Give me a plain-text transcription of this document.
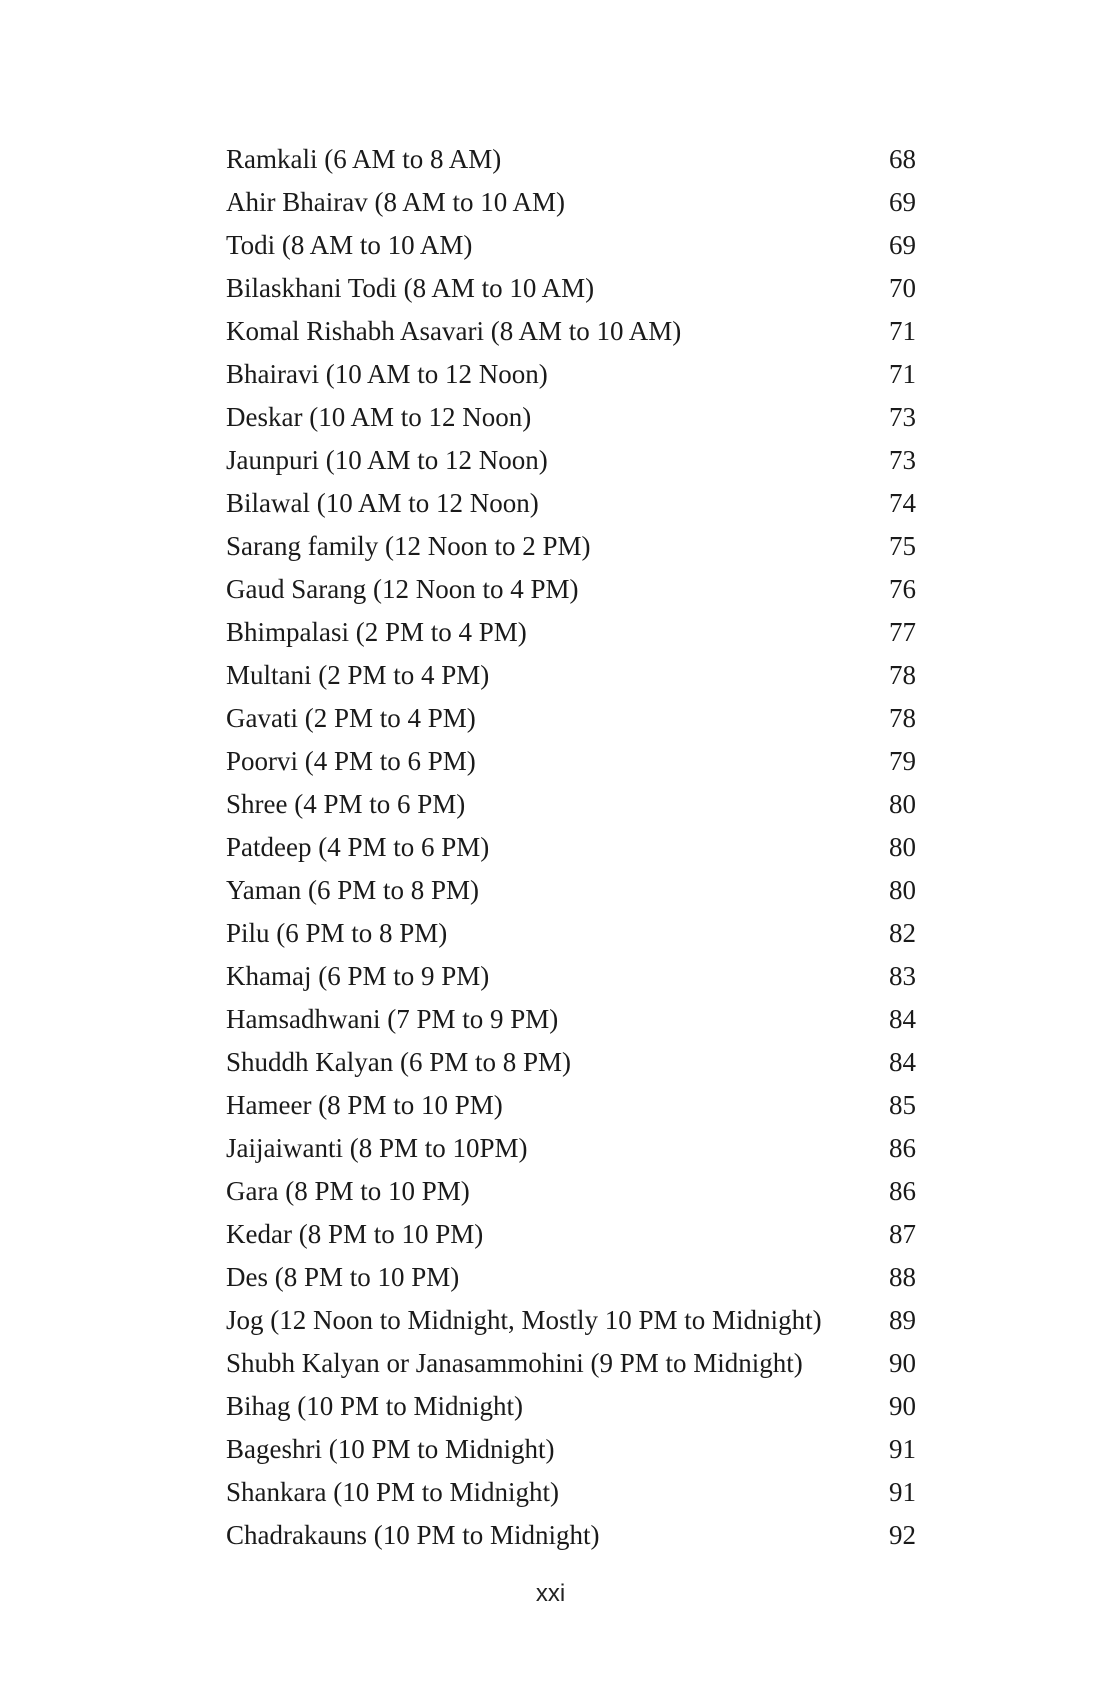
Ramkali (6 AM to 8 AM)	68
Ahir Bhairav (8 AM to 10 AM)	69
Todi (8 AM to 10 AM)	69
Bilaskhani Todi (8 AM to 10 AM)	70
Komal Rishabh Asavari (8 AM to 10 AM)	71
Bhairavi (10 AM to 12 Noon)	71
Deskar (10 AM to 12 Noon)	73
Jaunpuri (10 AM to 12 Noon)	73
Bilawal (10 AM to 12 Noon)	74
Sarang family (12 Noon to 2 PM)	75
Gaud Sarang (12 Noon to 4 PM)	76
Bhimpalasi (2 PM to 4 PM)	77
Multani (2 PM to 4 PM)	78
Gavati (2 PM to 4 PM)	78
Poorvi (4 PM to 6 PM)	79
Shree (4 PM to 6 PM)	80
Patdeep (4 PM to 6 PM)	80
Yaman (6 PM to 8 PM)	80
Pilu (6 PM to 8 PM)	82
Khamaj (6 PM to 9 PM)	83
Hamsadhwani (7 PM to 9 PM)	84
Shuddh Kalyan (6 PM to 8 PM)	84
Hameer (8 PM to 10 PM)	85
Jaijaiwanti (8 PM to 10PM)	86
Gara (8 PM to 10 PM)	86
Kedar (8 PM to 10 PM)	87
Des (8 PM to 10 PM)	88
Jog (12 Noon to Midnight, Mostly 10 PM to Midnight) 89
Shubh Kalyan or Janasammohini (9 PM to Midnight)	90
Bihag (10 PM to Midnight)	90
Bageshri (10 PM to Midnight)	91
Shankara (10 PM to Midnight)	91
Chadrakauns (10 PM to Midnight)	92
xxi
